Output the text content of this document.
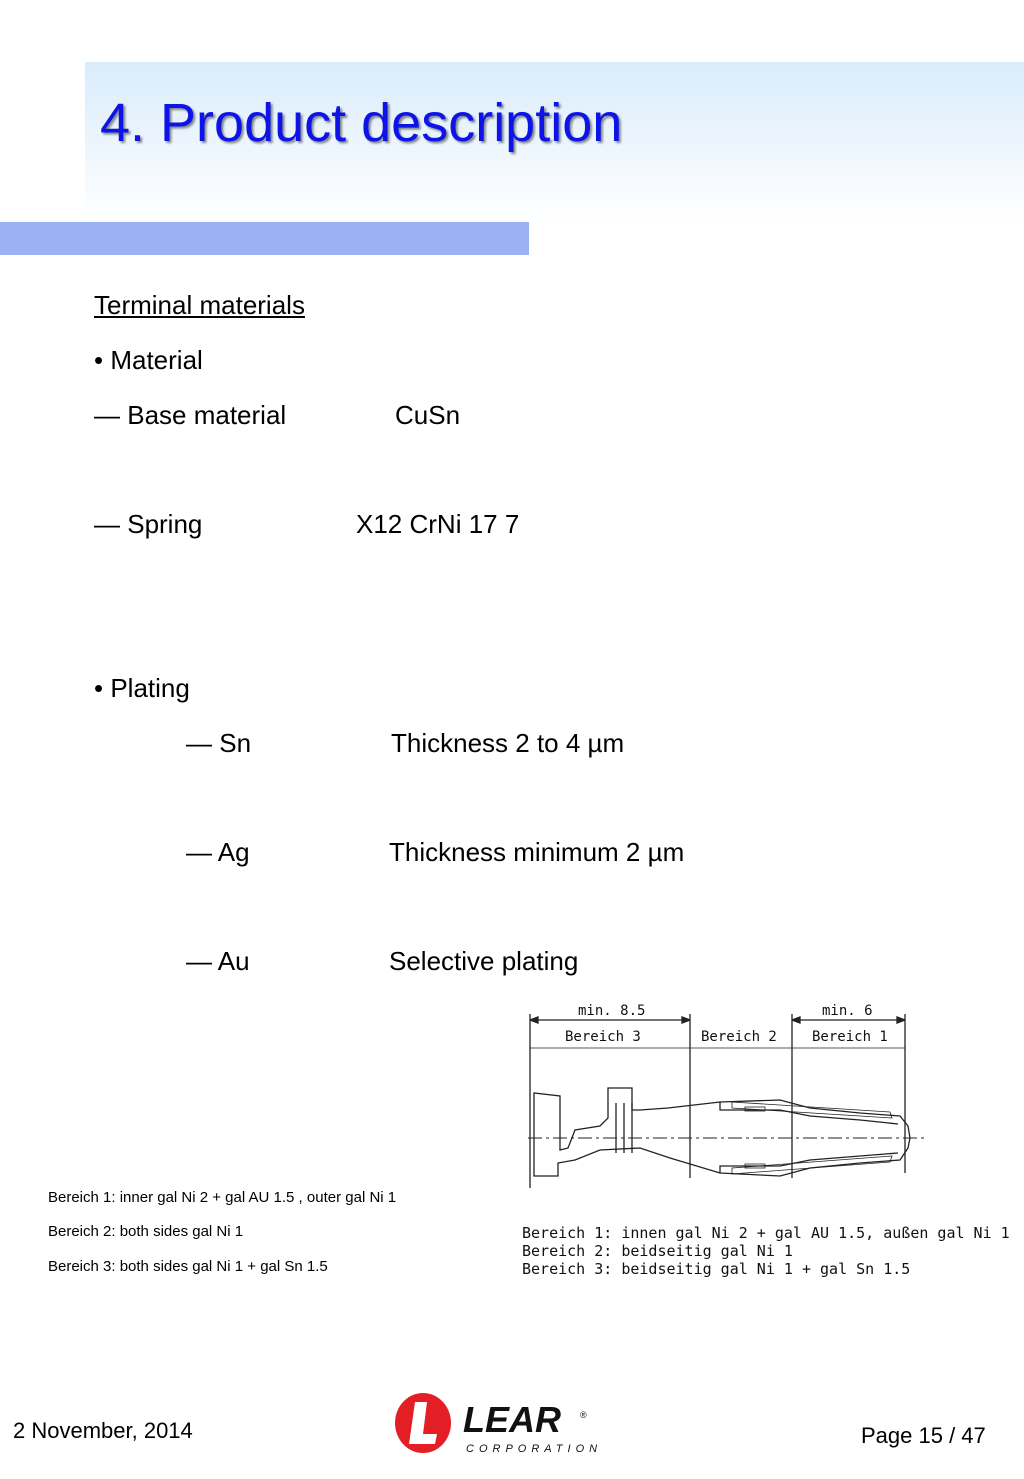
4. Product description
Terminal materials
• Material
— Base material	CuSn
— Spring	X12 CrNi 17 7
• Plating
— Sn	Thickness 2 to 4 µm
— Ag	Thickness minimum 2 µm
— Au	Selective plating
min. 8.5	min. 6
Bereich 3	Bereich 2	Bereich 1
Bereich 1: innen gal Ni 2 + gal AU 1.5, außen gal Ni 1
Bereich 2: beidseitig gal Ni 1
Bereich 3: beidseitig gal Ni 1 + gal Sn 1.5
Bereich 1: inner gal Ni 2 + gal AU 1.5 , outer gal Ni 1
Bereich 2: both sides gal Ni 1
Bereich 3: both sides gal Ni 1 + gal Sn 1.5
2 November, 2014	Page 15 / 47
LEAR ®
CORPORATION
